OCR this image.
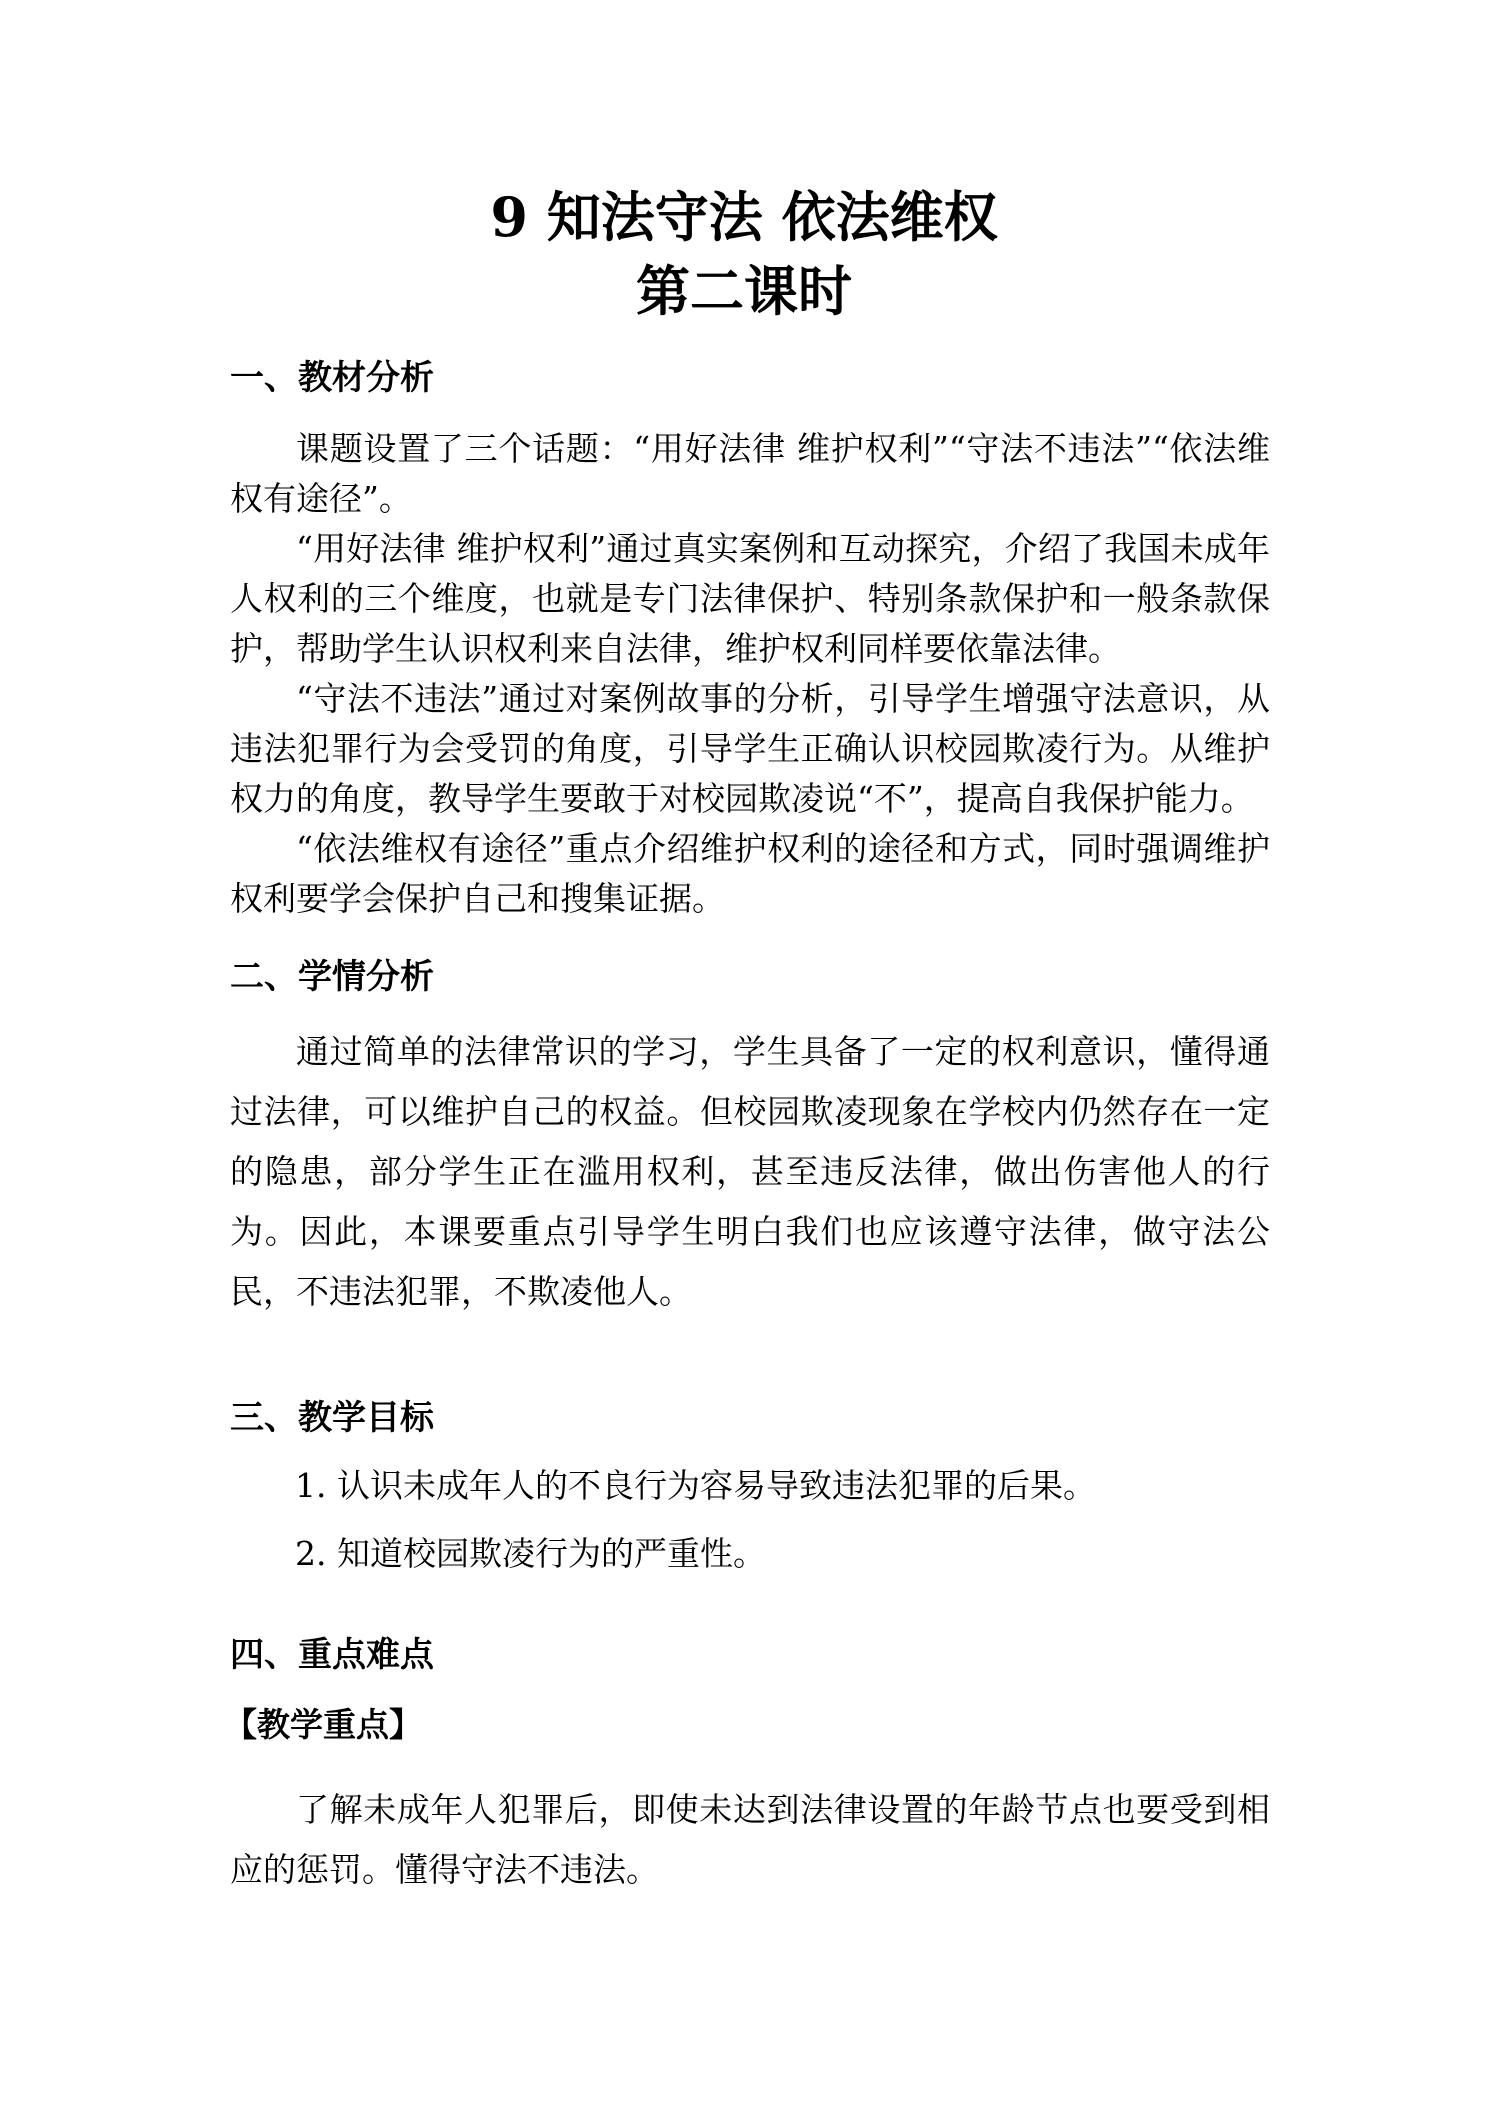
9 知法守法 依法维权
第二课时
一、教材分析

课题设置了三个话题：“用好法律 维护权利”“守法不违法”“依法维权有途径”。

“用好法律 维护权利”通过真实案例和互动探究，介绍了我国未成年人权利的三个维度，也就是专门法律保护、特别条款保护和一般条款保护，帮助学生认识权利来自法律，维护权利同样要依靠法律。

“守法不违法”通过对案例故事的分析，引导学生增强守法意识，从违法犯罪行为会受罚的角度，引导学生正确认识校园欺凌行为。从维护权力的角度，教导学生要敢于对校园欺凌说“不”，提高自我保护能力。

“依法维权有途径”重点介绍维护权利的途径和方式，同时强调维护权利要学会保护自己和搜集证据。

二、学情分析

通过简单的法律常识的学习，学生具备了一定的权利意识，懂得通过法律，可以维护自己的权益。但校园欺凌现象在学校内仍然存在一定的隐患，部分学生正在滥用权利，甚至违反法律，做出伤害他人的行为。因此，本课要重点引导学生明白我们也应该遵守法律，做守法公民，不违法犯罪，不欺凌他人。

三、教学目标

1. 认识未成年人的不良行为容易导致违法犯罪的后果。

2. 知道校园欺凌行为的严重性。

四、重点难点

【教学重点】

了解未成年人犯罪后，即使未达到法律设置的年龄节点也要受到相应的惩罚。懂得守法不违法。
